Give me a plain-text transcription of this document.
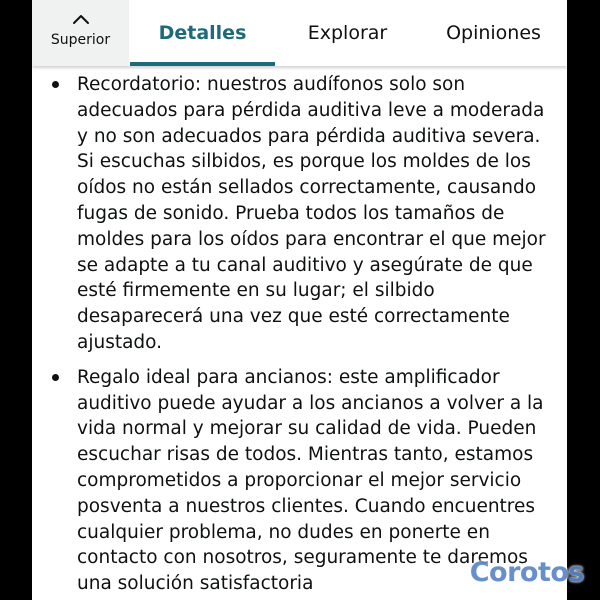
Superior	Detalles	Explorar	Opiniones
Recordatorio: nuestros audífonos solo son adecuados para pérdida auditiva leve a moderada y no son adecuados para pérdida auditiva severa. Si escuchas silbidos, es porque los moldes de los oídos no están sellados correctamente, causando fugas de sonido. Prueba todos los tamaños de moldes para los oídos para encontrar el que mejor se adapte a tu canal auditivo y asegúrate de que esté firmemente en su lugar; el silbido desaparecerá una vez que esté correctamente ajustado.
Regalo ideal para ancianos: este amplificador auditivo puede ayudar a los ancianos a volver a la vida normal y mejorar su calidad de vida. Pueden escuchar risas de todos. Mientras tanto, estamos comprometidos a proporcionar el mejor servicio posventa a nuestros clientes. Cuando encuentres cualquier problema, no dudes en ponerte en contacto con nosotros, seguramente te daremos una solución satisfactoria	Corotos
